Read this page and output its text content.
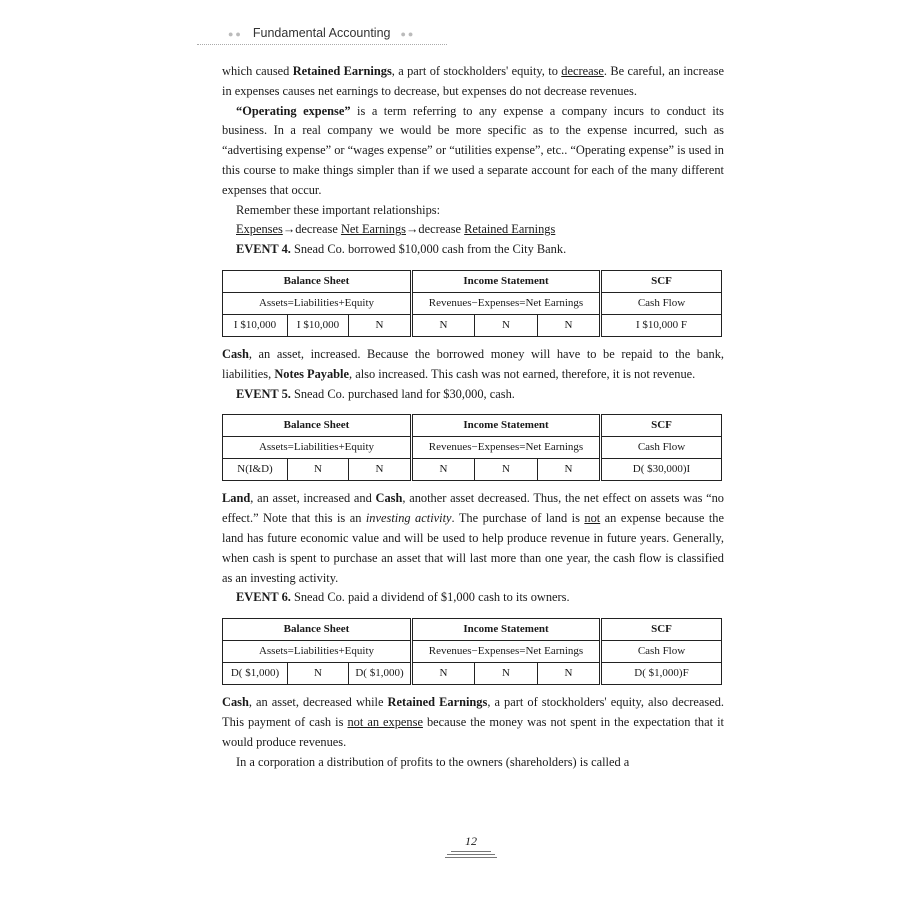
●● Fundamental Accounting ●●

which caused Retained Earnings, a part of stockholders' equity, to decrease. Be careful, an increase in expenses causes net earnings to decrease, but expenses do not decrease revenues.

“Operating expense” is a term referring to any expense a company incurs to conduct its business. In a real company we would be more specific as to the expense incurred, such as “advertising expense” or “wages expense” or “utilities expense”, etc.. “Operating expense” is used in this course to make things simpler than if we used a separate account for each of the many different expenses that occur.

Remember these important relationships:

Expenses→decrease Net Earnings→decrease Retained Earnings

EVENT 4. Snead Co. borrowed $10,000 cash from the City Bank.

Balance Sheet			Income Statement			SCF
Assets=Liabilities+Equity			Revenues−Expenses=Net Earnings			Cash Flow
I $10,000	I $10,000	N	N	N	N	I $10,000 F

Cash, an asset, increased. Because the borrowed money will have to be repaid to the bank, liabilities, Notes Payable, also increased. This cash was not earned, therefore, it is not revenue.

EVENT 5. Snead Co. purchased land for $30,000, cash.

Balance Sheet			Income Statement			SCF
Assets=Liabilities+Equity			Revenues−Expenses=Net Earnings			Cash Flow
N(I&D)	N	N	N	N	N	D( $30,000)I

Land, an asset, increased and Cash, another asset decreased. Thus, the net effect on assets was “no effect.” Note that this is an investing activity. The purchase of land is not an expense because the land has future economic value and will be used to help produce revenue in future years. Generally, when cash is spent to purchase an asset that will last more than one year, the cash flow is classified as an investing activity.

EVENT 6. Snead Co. paid a dividend of $1,000 cash to its owners.

Balance Sheet			Income Statement			SCF
Assets=Liabilities+Equity			Revenues−Expenses=Net Earnings			Cash Flow
D( $1,000)	N	D( $1,000)	N	N	N	D( $1,000)F

Cash, an asset, decreased while Retained Earnings, a part of stockholders' equity, also decreased. This payment of cash is not an expense because the money was not spent in the expectation that it would produce revenues.

In a corporation a distribution of profits to the owners (shareholders) is called a

12
